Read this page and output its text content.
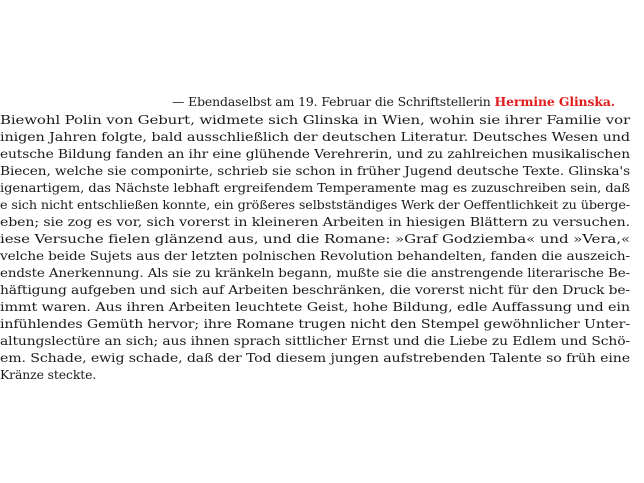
— Ebendaselbst am 19. Februar die Schriftstellerin Hermine Glinska.
Biewohl Polin von Geburt, widmete sich Glinska in Wien, wohin sie ihrer Familie vor
inigen Jahren folgte, bald ausschließlich der deutschen Literatur. Deutsches Wesen und
eutsche Bildung fanden an ihr eine glühende Verehrerin, und zu zahlreichen musikalischen
Biecen, welche sie componirte, schrieb sie schon in früher Jugend deutsche Texte. Glinska's
igenartigem, das Nächste lebhaft ergreifendem Temperamente mag es zuzuschreiben sein, daß
e sich nicht entschließen konnte, ein größeres selbstständiges Werk der Oeffentlichkeit zu überge-
eben; sie zog es vor, sich vorerst in kleineren Arbeiten in hiesigen Blättern zu versuchen.
iese Versuche fielen glänzend aus, und die Romane: »Graf Godziemba« und »Vera,«
velche beide Sujets aus der letzten polnischen Revolution behandelten, fanden die auszeich-
endste Anerkennung. Als sie zu kränkeln begann, mußte sie die anstrengende literarische Be-
häftigung aufgeben und sich auf Arbeiten beschränken, die vorerst nicht für den Druck be-
immt waren. Aus ihren Arbeiten leuchtete Geist, hohe Bildung, edle Auffassung und ein
infühlendes Gemüth hervor; ihre Romane trugen nicht den Stempel gewöhnlicher Unter-
altungslectüre an sich; aus ihnen sprach sittlicher Ernst und die Liebe zu Edlem und Schö-
em. Schade, ewig schade, daß der Tod diesem jungen aufstrebenden Talente so früh eine
Kränze steckte.
